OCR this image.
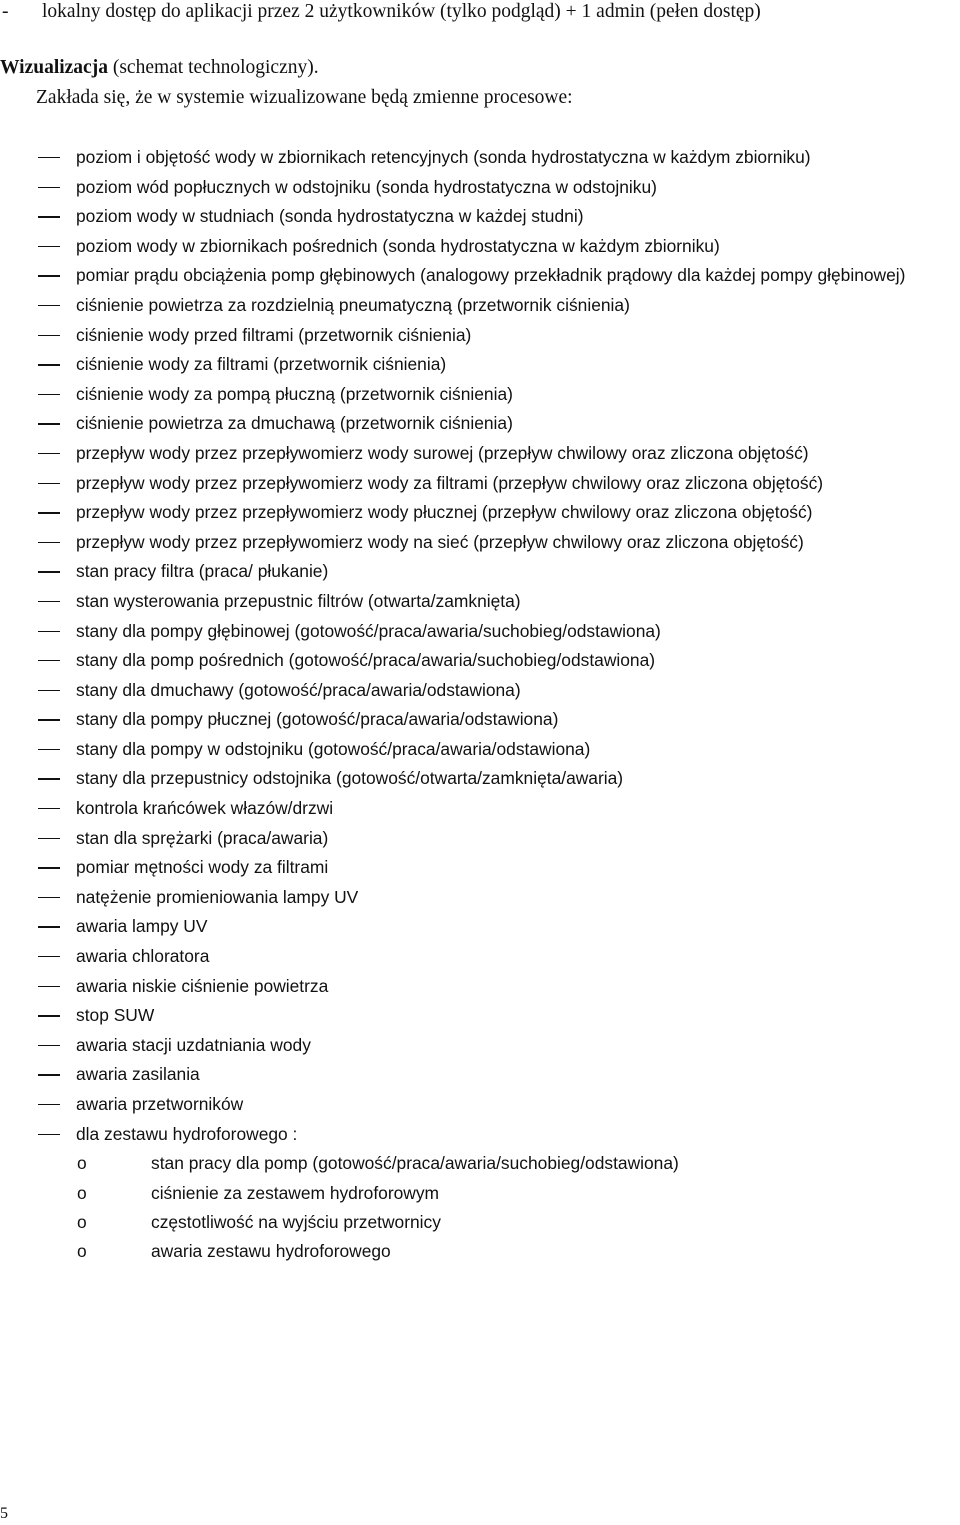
- lokalny dostęp do aplikacji przez 2 użytkowników (tylko podgląd) + 1 admin (pełen dostęp)
Wizualizacja (schemat technologiczny).
Zakłada się, że w systemie wizualizowane będą zmienne procesowe:
poziom i objętość wody w zbiornikach retencyjnych (sonda hydrostatyczna w każdym zbiorniku)
poziom wód popłucznych w odstojniku (sonda hydrostatyczna w odstojniku)
poziom wody w studniach (sonda hydrostatyczna w każdej studni)
poziom wody w zbiornikach pośrednich (sonda hydrostatyczna w każdym zbiorniku)
pomiar prądu obciążenia pomp głębinowych (analogowy przekładnik prądowy dla każdej pompy głębinowej)
ciśnienie powietrza za rozdzielnią pneumatyczną (przetwornik ciśnienia)
ciśnienie wody przed filtrami (przetwornik ciśnienia)
ciśnienie wody za filtrami (przetwornik ciśnienia)
ciśnienie wody za pompą płuczną (przetwornik ciśnienia)
ciśnienie powietrza za dmuchawą (przetwornik ciśnienia)
przepływ wody przez przepływomierz wody surowej (przepływ chwilowy oraz zliczona objętość)
przepływ wody przez przepływomierz wody za filtrami (przepływ chwilowy oraz zliczona objętość)
przepływ wody przez przepływomierz wody płucznej (przepływ chwilowy oraz zliczona objętość)
przepływ wody przez przepływomierz wody na sieć (przepływ chwilowy oraz zliczona objętość)
stan pracy filtra (praca/ płukanie)
stan wysterowania przepustnic filtrów (otwarta/zamknięta)
stany dla pompy głębinowej (gotowość/praca/awaria/suchobieg/odstawiona)
stany dla pomp pośrednich (gotowość/praca/awaria/suchobieg/odstawiona)
stany dla dmuchawy (gotowość/praca/awaria/odstawiona)
stany dla pompy płucznej (gotowość/praca/awaria/odstawiona)
stany dla pompy w odstojniku (gotowość/praca/awaria/odstawiona)
stany dla przepustnicy odstojnika (gotowość/otwarta/zamknięta/awaria)
kontrola krańcówek włazów/drzwi
stan dla sprężarki (praca/awaria)
pomiar mętności wody za filtrami
natężenie promieniowania lampy UV
awaria lampy UV
awaria chloratora
awaria niskie ciśnienie powietrza
stop SUW
awaria stacji uzdatniania wody
awaria zasilania
awaria przetworników
dla zestawu hydroforowego :
o	stan pracy dla pomp (gotowość/praca/awaria/suchobieg/odstawiona)
o	ciśnienie za zestawem hydroforowym
o	częstotliwość na wyjściu przetwornicy
o	awaria zestawu hydroforowego
5
